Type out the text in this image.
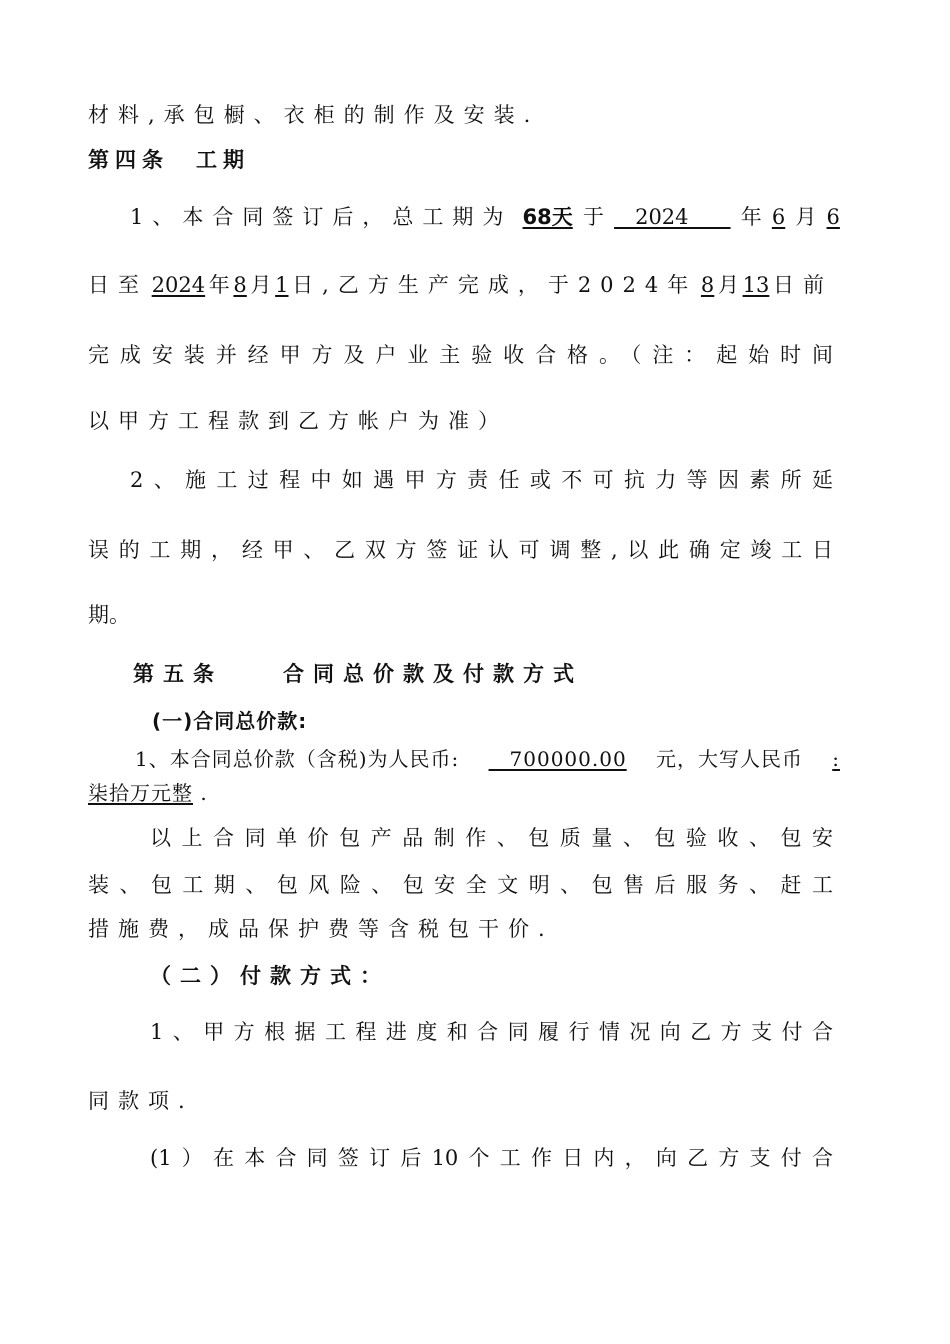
材料,承包橱、衣柜的制作及安装.
第四条　工期
1、本合同签订后，总工期为 68天 于 　2024　　 年 6 月 6
日至 2024 年 8 月 1 日,乙方生产完成，于2024年 8 月 13 日前
完成安装并经甲方及户业主验收合格。（注：起始时间
以甲方工程款到乙方帐户为准）
2、施工过程中如遇甲方责任或不可抗力等因素所延
误的工期，经甲、乙双方签证认可调整,以此确定竣工日
期。
第五条　　合同总价款及付款方式
(一)合同总价款:
1、本合同总价款（含税)为人民币: 　700000.00 元，大写人民币 :
柒拾万元整 .
以上合同单价包产品制作、包质量、包验收、包安
装、包工期、包风险、包安全文明、包售后服务、赶工
措施费，成品保护费等含税包干价.
（二）付款方式：
1、甲方根据工程进度和合同履行情况向乙方支付合
同款项.
(1）在本合同签订后10个工作日内，向乙方支付合
